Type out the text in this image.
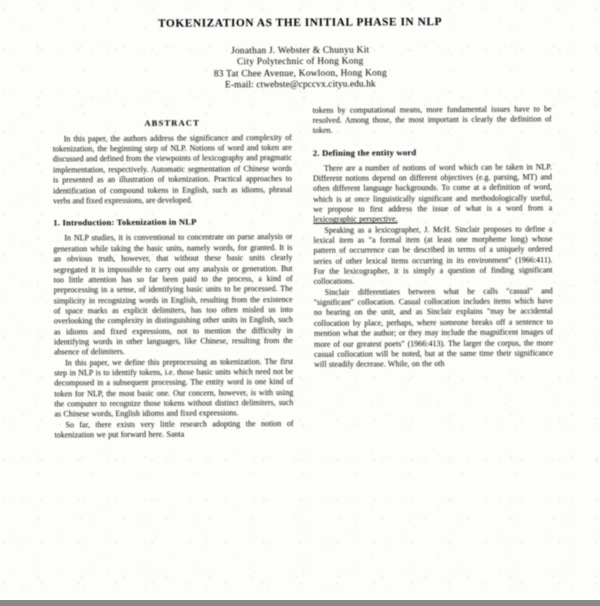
TOKENIZATION AS THE INITIAL PHASE IN NLP
Jonathan J. Webster & Chunyu Kit
City Polytechnic of Hong Kong
83 Tat Chee Avenue, Kowloon, Hong Kong
E-mail: ctwebste@cpccvx.cityu.edu.hk
ABSTRACT

In this paper, the authors address the significance and complexity of tokenization, the beginning step of NLP. Notions of word and token are discussed and defined from the viewpoints of lexicography and pragmatic implementation, respectively. Automatic segmentation of Chinese words is presented as an illustration of tokenization. Practical approaches to identification of compound tokens in English, such as idioms, phrasal verbs and fixed expressions, are developed.

1. Introduction: Tokenization in NLP

In NLP studies, it is conventional to concentrate on parse analysis or generation while taking the basic units, namely words, for granted. It is an obvious truth, however, that without these basic units clearly segregated it is impossible to carry out any analysis or generation. But too little attention has so far been paid to the process, a kind of preprocessing in a sense, of identifying basic units to be processed. The simplicity in recognizing words in English, resulting from the existence of space marks as explicit delimiters, has too often misled us into overlooking the complexity in distinguishing other units in English, such as idioms and fixed expressions, not to mention the difficulty in identifying words in other languages, like Chinese, resulting from the absence of delimiters.

In this paper, we define this preprocessing as tokenization. The first step in NLP is to identify tokens, i.e. those basic units which need not be decomposed in a subsequent processing. The entity word is one kind of token for NLP, the most basic one. Our concern, however, is with using the computer to recognize those tokens without distinct delimiters, such as Chinese words, English idioms and fixed expressions.

So far, there exists very little research adopting the notion of tokenization we put forward here. Santa

tokens by computational means, more fundamental issues have to be resolved. Among those, the most important is clearly the definition of token.

2. Defining the entity word

There are a number of notions of word which can be taken in NLP. Different notions depend on different objectives (e.g. parsing, MT) and often different language backgrounds. To come at a definition of word, which is at once linguistically significant and methodologically useful, we propose to first address the issue of what is a word from a lexicographic perspective.

Speaking as a lexicographer, J. McH. Sinclair proposes to define a lexical item as "a formal item (at least one morpheme long) whose pattern of occurrence can be described in terms of a uniquely ordered series of other lexical items occurring in its environment" (1966:411). For the lexicographer, it is simply a question of finding significant collocations.

Sinclair differentiates between what he calls "casual" and "significant" collocation. Casual collocation includes items which have no bearing on the unit, and as Sinclair explains "may be accidental collocation by place, perhaps, where someone breaks off a sentence to mention what the author; or they may include the magnificent images of more of our greatest poets" (1966:413). The larger the corpus, the more casual collocation will be noted, but at the same time their significance will steadily decrease. While, on the oth
